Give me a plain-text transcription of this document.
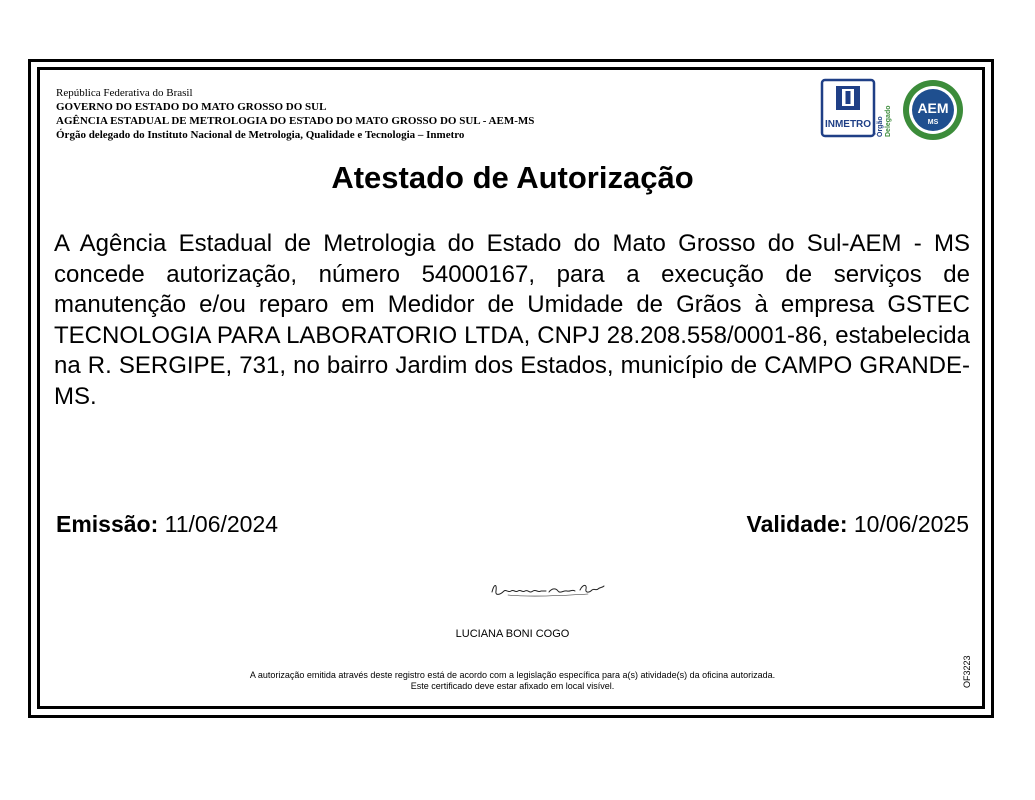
República Federativa do Brasil
GOVERNO DO ESTADO DO MATO GROSSO DO SUL
AGÊNCIA ESTADUAL DE METROLOGIA DO ESTADO DO MATO GROSSO DO SUL - AEM-MS
Órgão delegado do Instituto Nacional de Metrologia, Qualidade e Tecnologia – Inmetro
INMETRO Órgão Delegado AEM
MS
Atestado de Autorização
A Agência Estadual de Metrologia do Estado do Mato Grosso do Sul-AEM - MS concede autorização, número 54000167, para a execução de serviços de manutenção e/ou reparo em Medidor de Umidade de Grãos à empresa GSTEC TECNOLOGIA PARA LABORATORIO LTDA, CNPJ 28.208.558/0001-86, estabelecida na R. SERGIPE, 731, no bairro Jardim dos Estados, município de CAMPO GRANDE-MS.
Emissão: 11/06/2024	Validade: 10/06/2025
LUCIANA BONI COGO
A autorização emitida através deste registro está de acordo com a legislação específica para a(s) atividade(s) da oficina autorizada.
Este certificado deve estar afixado em local visível.	OF3223
